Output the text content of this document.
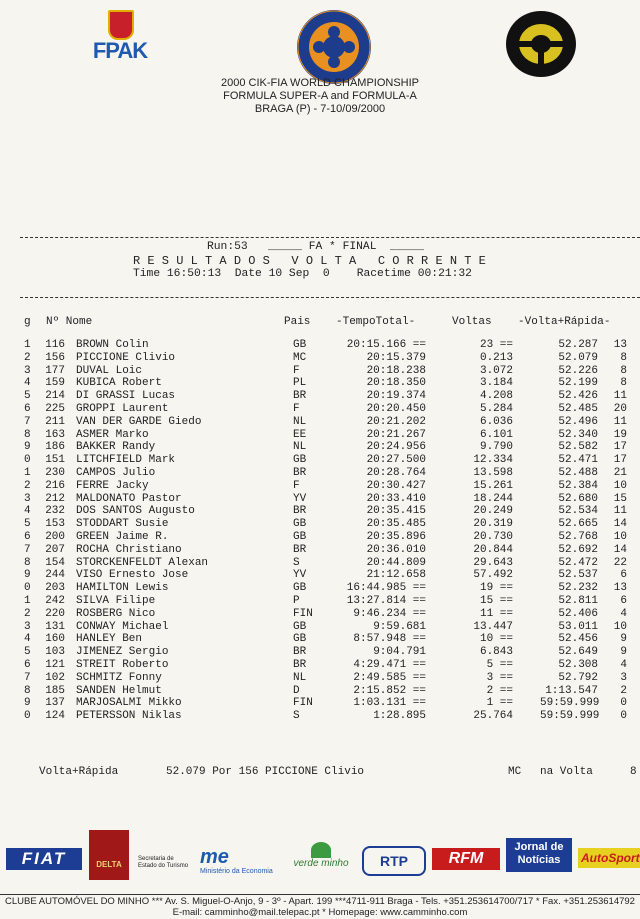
FPAK
2000 CIK-FIA WORLD CHAMPIONSHIP
FORMULA SUPER-A and FORMULA-A
BRAGA (P) - 7-10/09/2000
Run:53   _____ FA * FINAL  _____
R E S U L T A D O S   V O L T A   C O R R E N T E
Time 16:50:13  Date 10 Sep  0    Racetime 00:21:32
g Nº Nome	Pais -TempoTotal-	Voltas -Volta+Rápida-
1	116 BROWN Colin	GB	20:15.166 ==	23 ==	52.287	13
2	156 PICCIONE Clivio	MC	20:15.379	0.213	52.079	8
3	177 DUVAL Loic	F	20:18.238	3.072	52.226	8
4	159 KUBICA Robert	PL	20:18.350	3.184	52.199	8
5	214 DI GRASSI Lucas	BR	20:19.374	4.208	52.426	11
6	225 GROPPI Laurent	F	20:20.450	5.284	52.485	20
7	211 VAN DER GARDE Giedo	NL	20:21.202	6.036	52.496	11
8	163 ASMER Marko	EE	20:21.267	6.101	52.340	19
9	186 BAKKER Randy	NL	20:24.956	9.790	52.582	17
0	151 LITCHFIELD Mark	GB	20:27.500	12.334	52.471	17
1	230 CAMPOS Julio	BR	20:28.764	13.598	52.488	21
2	216 FERRE Jacky	F	20:30.427	15.261	52.384	10
3	212 MALDONATO Pastor	YV	20:33.410	18.244	52.680	15
4	232 DOS SANTOS Augusto	BR	20:35.415	20.249	52.534	11
5	153 STODDART Susie	GB	20:35.485	20.319	52.665	14
6	200 GREEN Jaime R.	GB	20:35.896	20.730	52.768	10
7	207 ROCHA Christiano	BR	20:36.010	20.844	52.692	14
8	154 STORCKENFELDT Alexan	S	20:44.809	29.643	52.472	22
9	244 VISO Ernesto Jose	YV	21:12.658	57.492	52.537	6
0	203 HAMILTON Lewis	GB	16:44.985 ==	19 ==	52.232	13
1	242 SILVA Filipe	P	13:27.814 ==	15 ==	52.811	6
2	220 ROSBERG Nico	FIN	9:46.234 ==	11 ==	52.406	4
3	131 CONWAY Michael	GB	9:59.681	13.447	53.011	10
4	160 HANLEY Ben	GB	8:57.948 ==	10 ==	52.456	9
5	103 JIMENEZ Sergio	BR	9:04.791	6.843	52.649	9
6	121 STREIT Roberto	BR	4:29.471 ==	5 ==	52.308	4
7	102 SCHMITZ Fonny	NL	2:49.585 ==	3 ==	52.792	3
8	185 SANDEN Helmut	D	2:15.852 ==	2 ==	1:13.547	2
9	137 MARJOSALMI Mikko	FIN	1:03.131 ==	1 == 59:59.999	0
0	124 PETERSSON Niklas	S	1:28.895	25.764 59:59.999	0
Volta+Rápida	52.079 Por 156 PICCIONE Clivio	MC na Volta	8
FIAT	DELTA
Secretaria de Estado do Turismo me
Ministério da Economia
verde minho	RTP	RFM
Jornal de Notícias	AutoSport
CLUBE AUTOMÓVEL DO MINHO *** Av. S. Miguel-O-Anjo, 9 - 3º - Apart. 199 ***4711-911 Braga - Tels. +351.253614700/717 * Fax. +351.253614792
E-mail: camminho@mail.telepac.pt * Homepage: www.camminho.com
